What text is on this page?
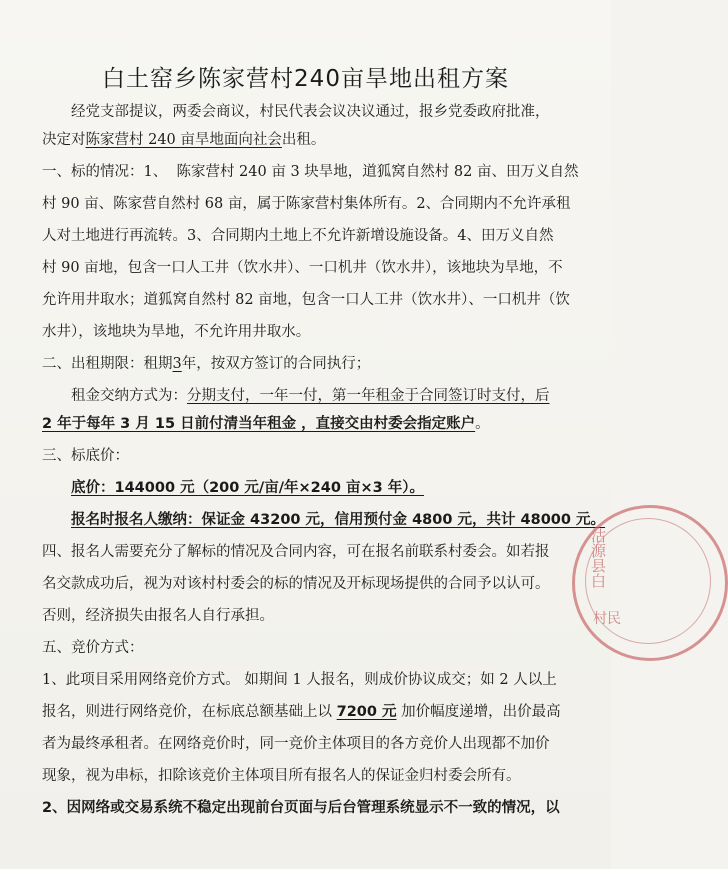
白土窑乡陈家营村240亩旱地出租方案
经党支部提议，两委会商议，村民代表会议决议通过，报乡党委政府批准，
决定对陈家营村 240 亩旱地面向社会出租。
一、标的情况：1、 陈家营村 240 亩 3 块旱地，道狐窝自然村 82 亩、田万义自然
村 90 亩、陈家营自然村 68 亩，属于陈家营村集体所有。2、合同期内不允许承租
人对土地进行再流转。3、合同期内土地上不允许新增设施设备。4、田万义自然
村 90 亩地，包含一口人工井（饮水井）、一口机井（饮水井），该地块为旱地，不
允许用井取水；道狐窝自然村 82 亩地，包含一口人工井（饮水井）、一口机井（饮
水井），该地块为旱地，不允许用井取水。
二、出租期限：租期3年，按双方签订的合同执行；
租金交纳方式为：分期支付，一年一付，第一年租金于合同签订时支付，后
2 年于每年 3 月 15 日前付清当年租金 ，直接交由村委会指定账户。
三、标底价：
底价：144000 元（200 元/亩/年×240 亩×3 年）。
报名时报名人缴纳：保证金 43200 元，信用预付金 4800 元，共计 48000 元。
四、报名人需要充分了解标的情况及合同内容，可在报名前联系村委会。如若报
名交款成功后，视为对该村村委会的标的情况及开标现场提供的合同予以认可。
否则，经济损失由报名人自行承担。
五、竞价方式：
1、此项目采用网络竞价方式。 如期间 1 人报名，则成价协议成交；如 2 人以上
报名，则进行网络竞价，在标底总额基础上以 7200 元 加价幅度递增，出价最高
者为最终承租者。在网络竞价时，同一竞价主体项目的各方竞价人出现都不加价
现象，视为串标，扣除该竞价主体项目所有报名人的保证金归村委会所有。
2、因网络或交易系统不稳定出现前台页面与后台管理系统显示不一致的情况，以
沽源县白
村民
